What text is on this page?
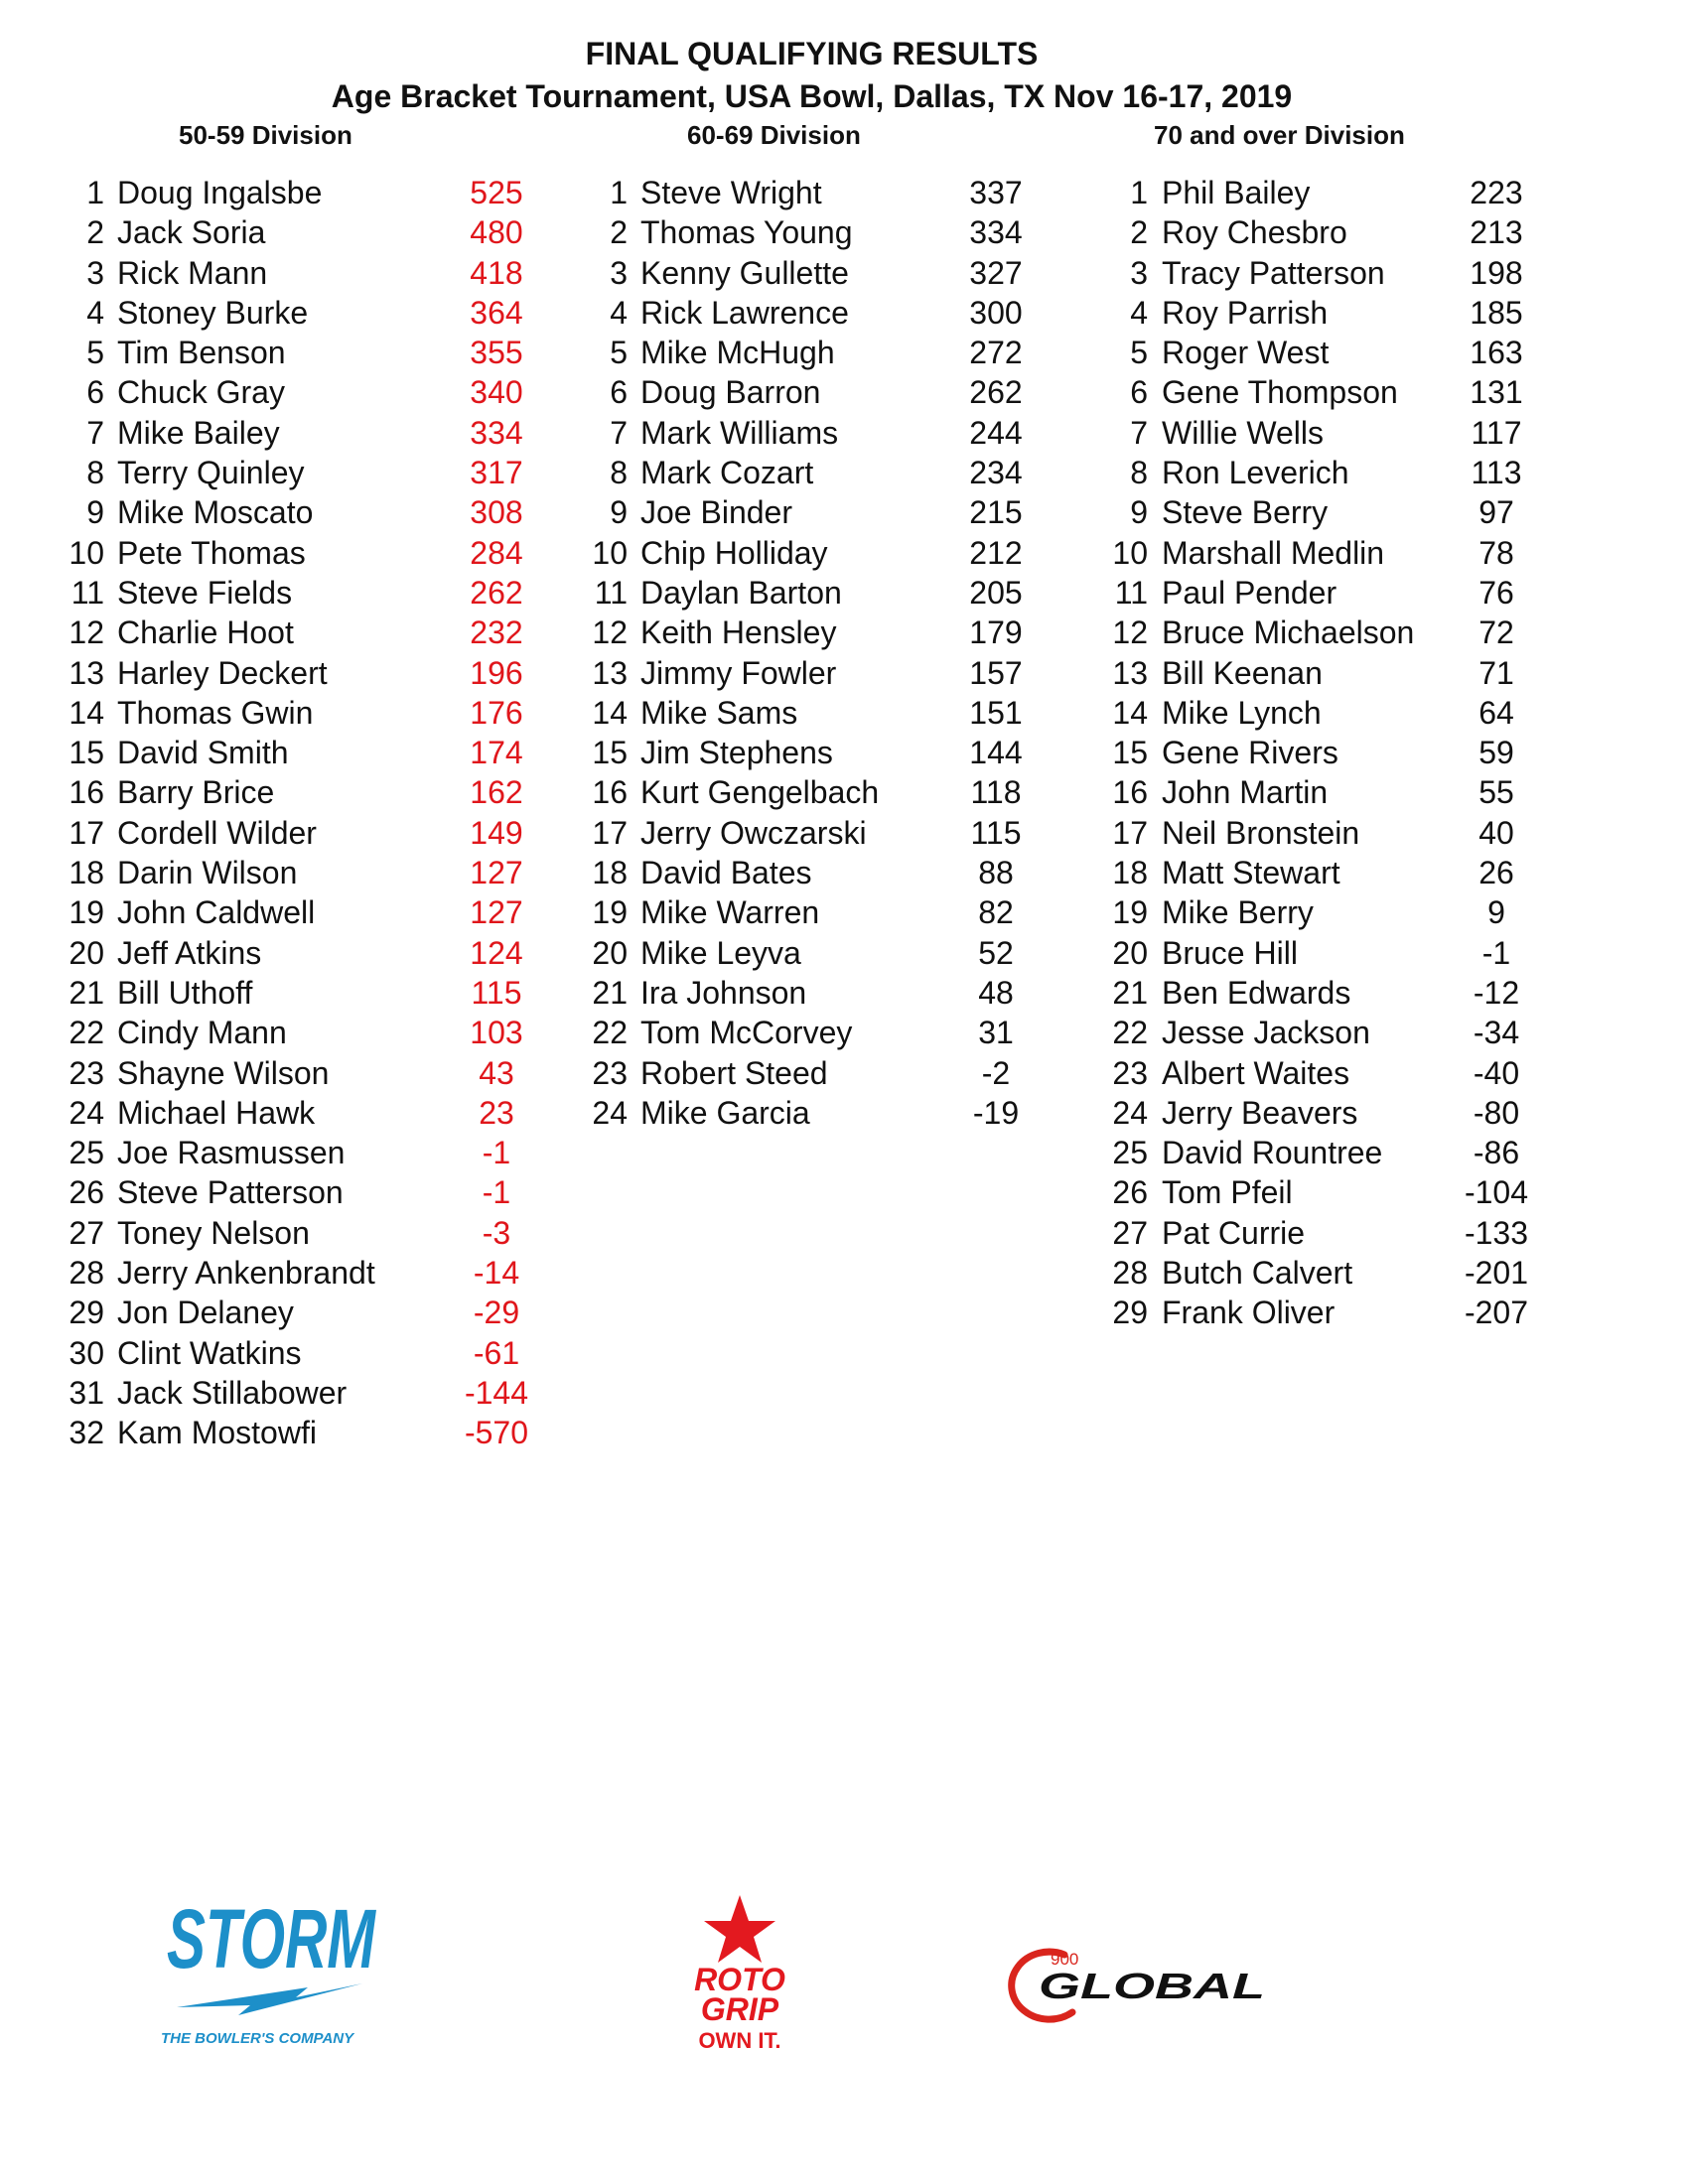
FINAL QUALIFYING RESULTS
Age Bracket Tournament, USA Bowl, Dallas, TX Nov 16-17, 2019
50-59 Division	60-69 Division	70 and over Division
1 Doug Ingalsbe	525
2 Jack Soria	480
3 Rick Mann	418
4 Stoney Burke	364
5 Tim Benson	355
6 Chuck Gray	340
7 Mike Bailey	334
8 Terry Quinley	317
9 Mike Moscato	308
10 Pete Thomas	284
11 Steve Fields	262
12 Charlie Hoot	232
13 Harley Deckert	196
14 Thomas Gwin	176
15 David Smith	174
16 Barry Brice	162
17 Cordell Wilder	149
18 Darin Wilson	127
19 John Caldwell	127
20 Jeff Atkins	124
21 Bill Uthoff	115
22 Cindy Mann	103
23 Shayne Wilson	43
24 Michael Hawk	23
25 Joe Rasmussen	-1
26 Steve Patterson	-1
27 Toney Nelson	-3
28 Jerry Ankenbrandt	-14
29 Jon Delaney	-29
30 Clint Watkins	-61
31 Jack Stillabower	-144
32 Kam Mostowfi	-570
1 Steve Wright	337
2 Thomas Young	334
3 Kenny Gullette	327
4 Rick Lawrence	300
5 Mike McHugh	272
6 Doug Barron	262
7 Mark Williams	244
8 Mark Cozart	234
9 Joe Binder	215
10 Chip Holliday	212
11 Daylan Barton	205
12 Keith Hensley	179
13 Jimmy Fowler	157
14 Mike Sams	151
15 Jim Stephens	144
16 Kurt Gengelbach	118
17 Jerry Owczarski	115
18 David Bates	88
19 Mike Warren	82
20 Mike Leyva	52
21 Ira Johnson	48
22 Tom McCorvey	31
23 Robert Steed	-2
24 Mike Garcia	-19
1 Phil Bailey	223
2 Roy Chesbro	213
3 Tracy Patterson	198
4 Roy Parrish	185
5 Roger West	163
6 Gene Thompson	131
7 Willie Wells	117
8 Ron Leverich	113
9 Steve Berry	97
10 Marshall Medlin	78
11 Paul Pender	76
12 Bruce Michaelson	72
13 Bill Keenan	71
14 Mike Lynch	64
15 Gene Rivers	59
16 John Martin	55
17 Neil Bronstein	40
18 Matt Stewart	26
19 Mike Berry	9
20 Bruce Hill	-1
21 Ben Edwards	-12
22 Jesse Jackson	-34
23 Albert Waites	-40
24 Jerry Beavers	-80
25 David Rountree	-86
26 Tom Pfeil	-104
27 Pat Currie	-133
28 Butch Calvert	-201
29 Frank Oliver	-207
STORM
THE BOWLER'S COMPANY
ROTO
GRIP
OWN IT.
900
GLOBAL
